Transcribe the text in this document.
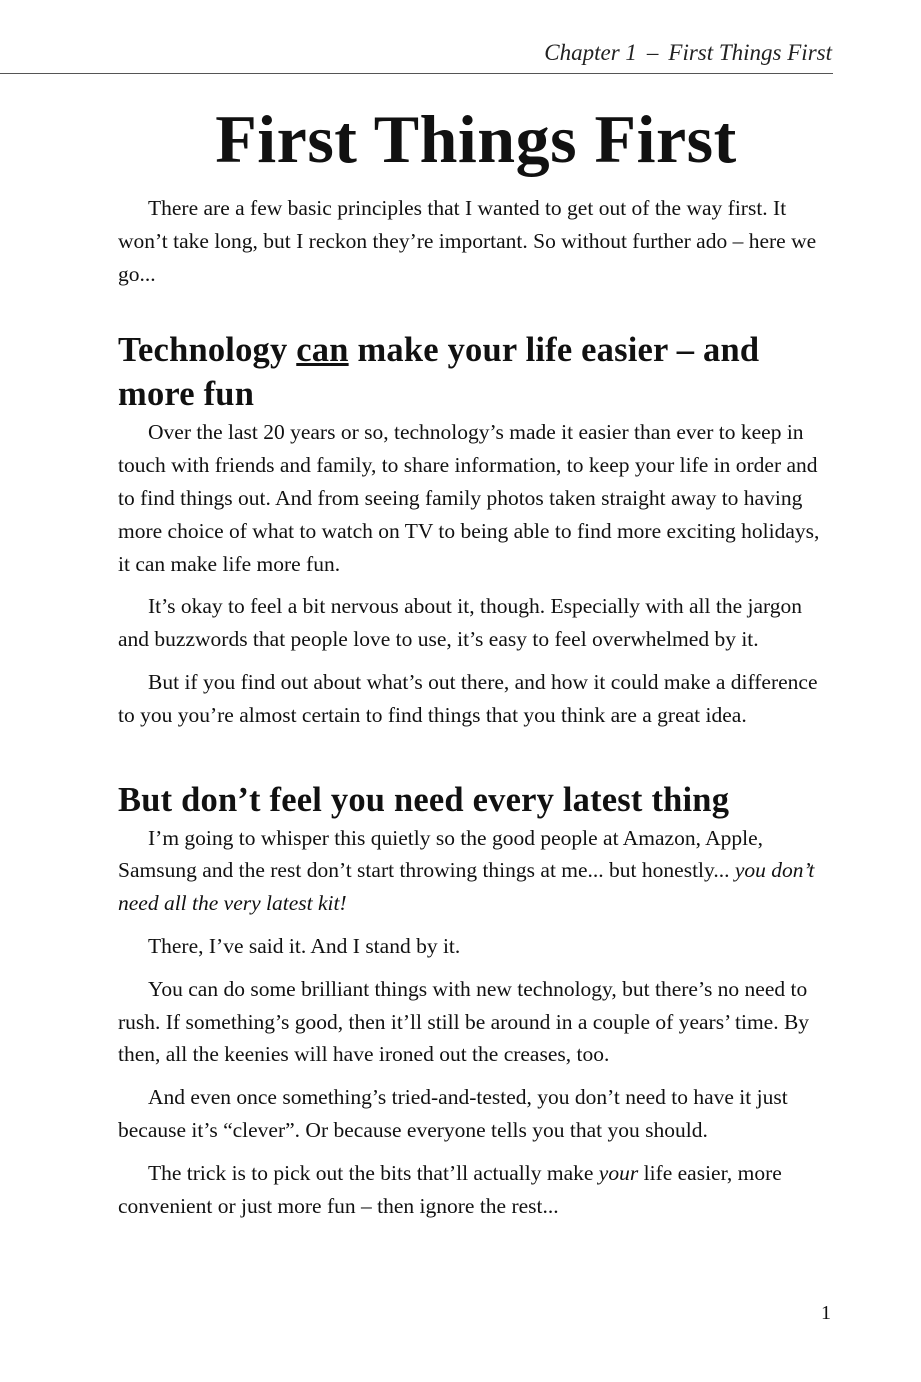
Chapter 1 – First Things First
First Things First

There are a few basic principles that I wanted to get out of the way first. It won’t take long, but I reckon they’re important. So without further ado – here we go...

Technology can make your life easier – and more fun

Over the last 20 years or so, technology’s made it easier than ever to keep in touch with friends and family, to share information, to keep your life in order and to find things out. And from seeing family photos taken straight away to having more choice of what to watch on TV to being able to find more exciting holidays, it can make life more fun.

It’s okay to feel a bit nervous about it, though. Especially with all the jargon and buzzwords that people love to use, it’s easy to feel overwhelmed by it.

But if you find out about what’s out there, and how it could make a difference to you you’re almost certain to find things that you think are a great idea.

But don’t feel you need every latest thing

I’m going to whisper this quietly so the good people at Amazon, Apple, Samsung and the rest don’t start throwing things at me... but honestly... you don’t need all the very latest kit!

There, I’ve said it. And I stand by it.

You can do some brilliant things with new technology, but there’s no need to rush. If something’s good, then it’ll still be around in a couple of years’ time. By then, all the keenies will have ironed out the creases, too.

And even once something’s tried-and-tested, you don’t need to have it just because it’s “clever”. Or because everyone tells you that you should.

The trick is to pick out the bits that’ll actually make your life easier, more convenient or just more fun – then ignore the rest...

1
